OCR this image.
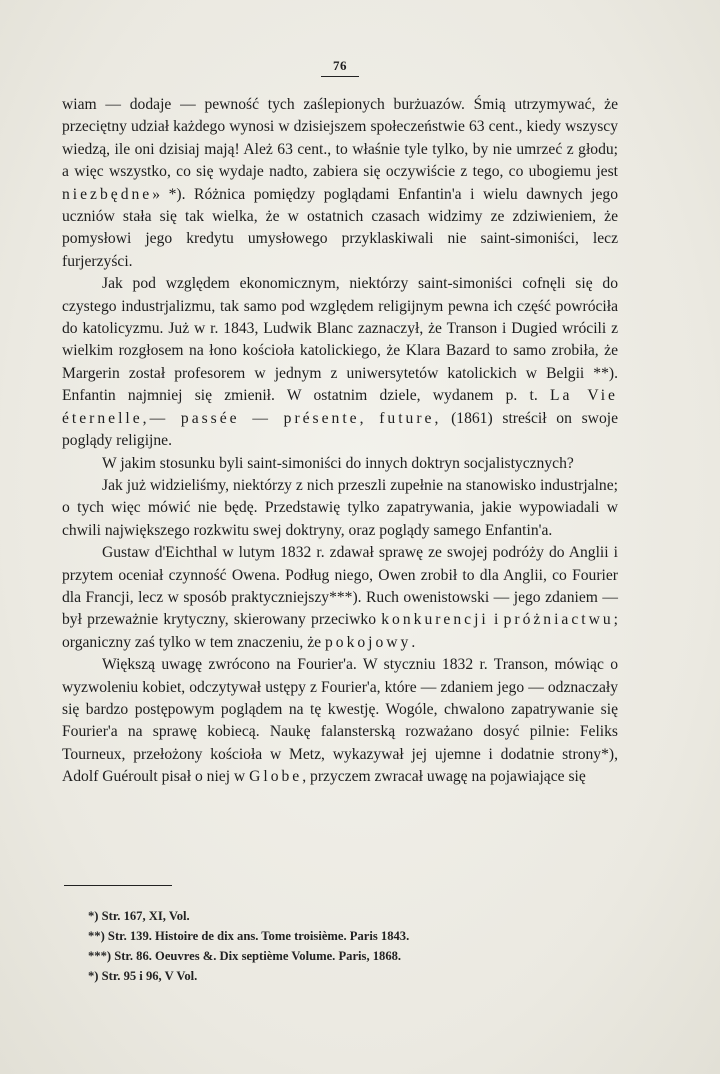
76

wiam — dodaje — pewność tych zaślepionych burżuazów. Śmią utrzymywać, że przeciętny udział każdego wynosi w dzisiejszem społeczeństwie 63 cent., kiedy wszyscy wiedzą, ile oni dzisiaj mają! Ależ 63 cent., to właśnie tyle tylko, by nie umrzeć z głodu; a więc wszystko, co się wydaje nadto, zabiera się oczywiście z tego, co ubogiemu jest niezbędne» *). Różnica pomiędzy poglądami Enfantin'a i wielu dawnych jego uczniów stała się tak wielka, że w ostatnich czasach widzimy ze zdziwieniem, że pomysłowi jego kredytu umysłowego przyklaskiwali nie saint-simoniści, lecz furjerzyści.

Jak pod względem ekonomicznym, niektórzy saint-simoniści cofnęli się do czystego industrjalizmu, tak samo pod względem religijnym pewna ich część powróciła do katolicyzmu. Już w r. 1843, Ludwik Blanc zaznaczył, że Transon i Dugied wrócili z wielkim rozgłosem na łono kościoła katolickiego, że Klara Bazard to samo zrobiła, że Margerin został profesorem w jednym z uniwersytetów katolickich w Belgii **). Enfantin najmniej się zmienił. W ostatnim dziele, wydanem p. t. La Vie éternelle,— passée — présente, future, (1861) streścił on swoje poglądy religijne.

W jakim stosunku byli saint-simoniści do innych doktryn socjalistycznych?

Jak już widzieliśmy, niektórzy z nich przeszli zupełnie na stanowisko industrjalne; o tych więc mówić nie będę. Przedstawię tylko zapatrywania, jakie wypowiadali w chwili największego rozkwitu swej doktryny, oraz poglądy samego Enfantin'a.

Gustaw d'Eichthal w lutym 1832 r. zdawał sprawę ze swojej podróży do Anglii i przytem oceniał czynność Owena. Podług niego, Owen zrobił to dla Anglii, co Fourier dla Francji, lecz w sposób praktyczniejszy***). Ruch owenistowski — jego zdaniem — był przeważnie krytyczny, skierowany przeciwko konkurencji i próżniactwu; organiczny zaś tylko w tem znaczeniu, że pokojowy.

Większą uwagę zwrócono na Fourier'a. W styczniu 1832 r. Transon, mówiąc o wyzwoleniu kobiet, odczytywał ustępy z Fourier'a, które — zdaniem jego — odznaczały się bardzo postępowym poglądem na tę kwestję. Wogóle, chwalono zapatrywanie się Fourier'a na sprawę kobiecą. Naukę falansterską rozważano dosyć pilnie: Feliks Tourneux, przełożony kościoła w Metz, wykazywał jej ujemne i dodatnie strony*), Adolf Guéroult pisał o niej w Globe, przyczem zwracał uwagę na pojawiające się

*) Str. 167, XI, Vol.
**) Str. 139. Histoire de dix ans. Tome troisième. Paris 1843.
***) Str. 86. Oeuvres &. Dix septième Volume. Paris, 1868.
*) Str. 95 i 96, V Vol.
